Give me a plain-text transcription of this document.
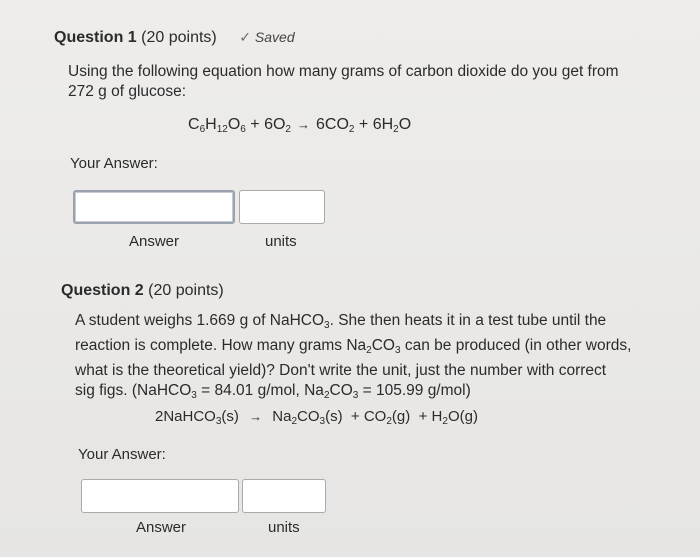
Question 1 (20 points) ✓ Saved
Using the following equation how many grams of carbon dioxide do you get from
272 g of glucose:
$C_6H_{12}O_6 + 6O_2 \to 6CO_2 + 6H_2O$
Your Answer:
Answer	units
Question 2 (20 points)
A student weighs 1.669 g of NaHCO$_3$. She then heats it in a test tube until the
reaction is complete. How many grams $Na_2CO_3$ can be produced (in other words,
what is the theoretical yield)? Don't write the unit, just the number with correct
sig figs. (NaHCO$_3$ = 84.01 g/mol, $Na_2CO_3 = 105.99$ g/mol)
2NaHCO$_3$(s) → $Na_2CO_3(s) + CO_2(g) + H_2O(g)$
Your Answer:
Answer	units
